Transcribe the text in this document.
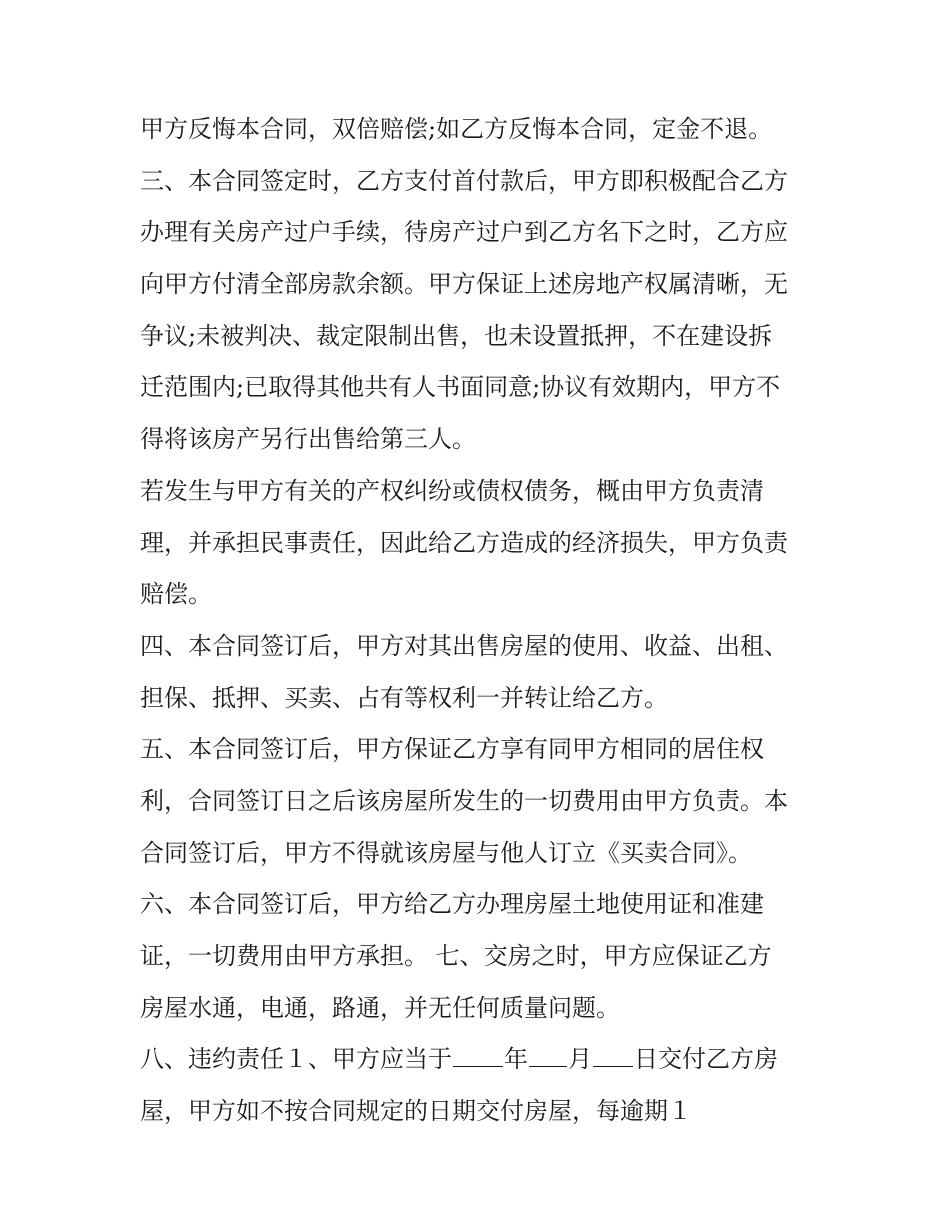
甲方反悔本合同，双倍赔偿;如乙方反悔本合同，定金不退。
三、本合同签定时，乙方支付首付款后，甲方即积极配合乙方
办理有关房产过户手续，待房产过户到乙方名下之时，乙方应
向甲方付清全部房款余额。甲方保证上述房地产权属清晰，无
争议;未被判决、裁定限制出售，也未设置抵押，不在建设拆
迁范围内;已取得其他共有人书面同意;协议有效期内，甲方不
得将该房产另行出售给第三人。
若发生与甲方有关的产权纠纷或债权债务，概由甲方负责清
理，并承担民事责任，因此给乙方造成的经济损失，甲方负责
赔偿。
四、本合同签订后，甲方对其出售房屋的使用、收益、出租、
担保、抵押、买卖、占有等权利一并转让给乙方。
五、本合同签订后，甲方保证乙方享有同甲方相同的居住权
利，合同签订日之后该房屋所发生的一切费用由甲方负责。本
合同签订后，甲方不得就该房屋与他人订立《买卖合同》。
六、本合同签订后，甲方给乙方办理房屋土地使用证和准建
证，一切费用由甲方承担。 七、交房之时，甲方应保证乙方
房屋水通，电通，路通，并无任何质量问题。
八、违约责任１、甲方应当于 年 月 日交付乙方房
屋，甲方如不按合同规定的日期交付房屋，每逾期１
